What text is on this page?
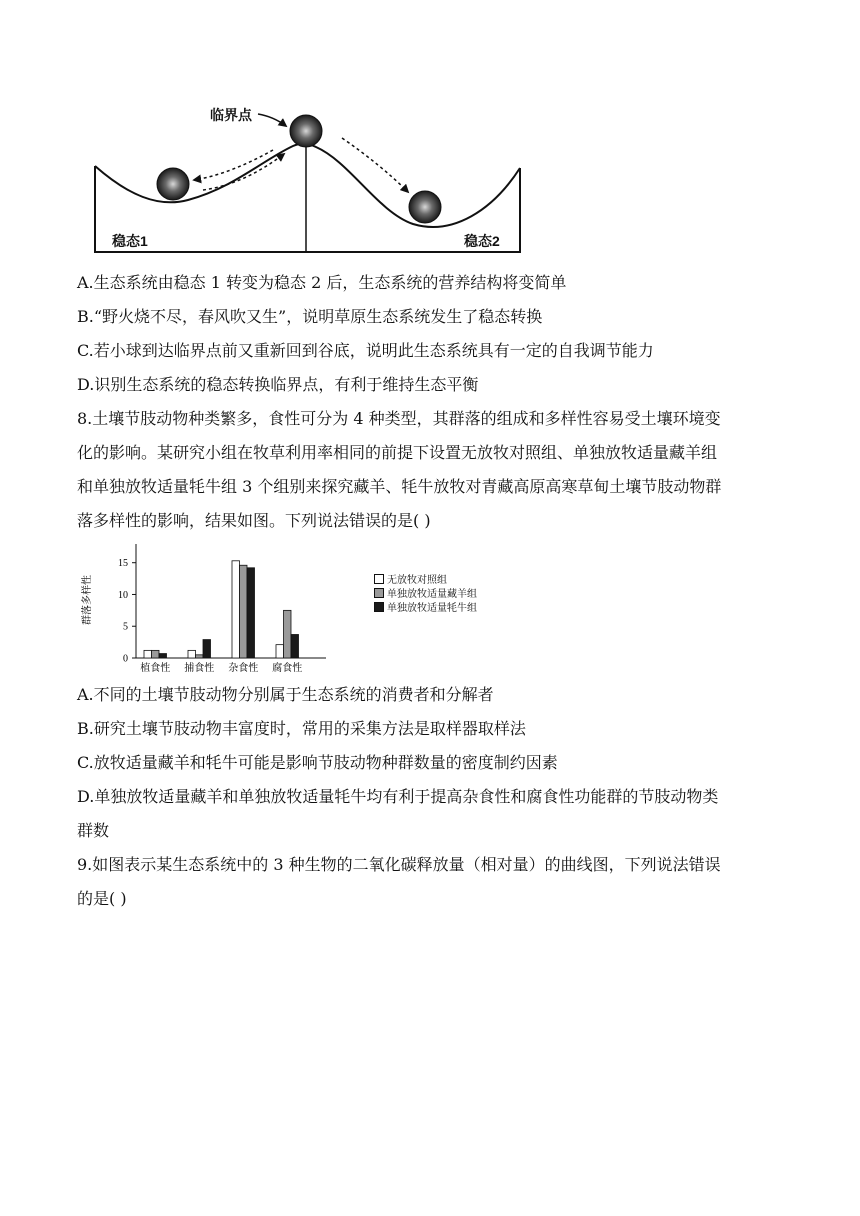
临界点
稳态1	稳态2
A.生态系统由稳态 1 转变为稳态 2 后，生态系统的营养结构将变简单
B.“野火烧不尽，春风吹又生”，说明草原生态系统发生了稳态转换
C.若小球到达临界点前又重新回到谷底，说明此生态系统具有一定的自我调节能力
D.识别生态系统的稳态转换临界点，有利于维持生态平衡
8.土壤节肢动物种类繁多，食性可分为 4 种类型，其群落的组成和多样性容易受土壤环境变
化的影响。某研究小组在牧草利用率相同的前提下设置无放牧对照组、单独放牧适量藏羊组
和单独放牧适量牦牛组 3 个组别来探究藏羊、牦牛放牧对青藏高原高寒草甸土壤节肢动物群
落多样性的影响，结果如图。下列说法错误的是( )
群落多样性
0
5
10
15
植食性 捕食性 杂食性 腐食性
无放牧对照组
单独放牧适量藏羊组
单独放牧适量牦牛组
A.不同的土壤节肢动物分别属于生态系统的消费者和分解者
B.研究土壤节肢动物丰富度时，常用的采集方法是取样器取样法
C.放牧适量藏羊和牦牛可能是影响节肢动物种群数量的密度制约因素
D.单独放牧适量藏羊和单独放牧适量牦牛均有利于提高杂食性和腐食性功能群的节肢动物类
群数
9.如图表示某生态系统中的 3 种生物的二氧化碳释放量（相对量）的曲线图，下列说法错误
的是( )
